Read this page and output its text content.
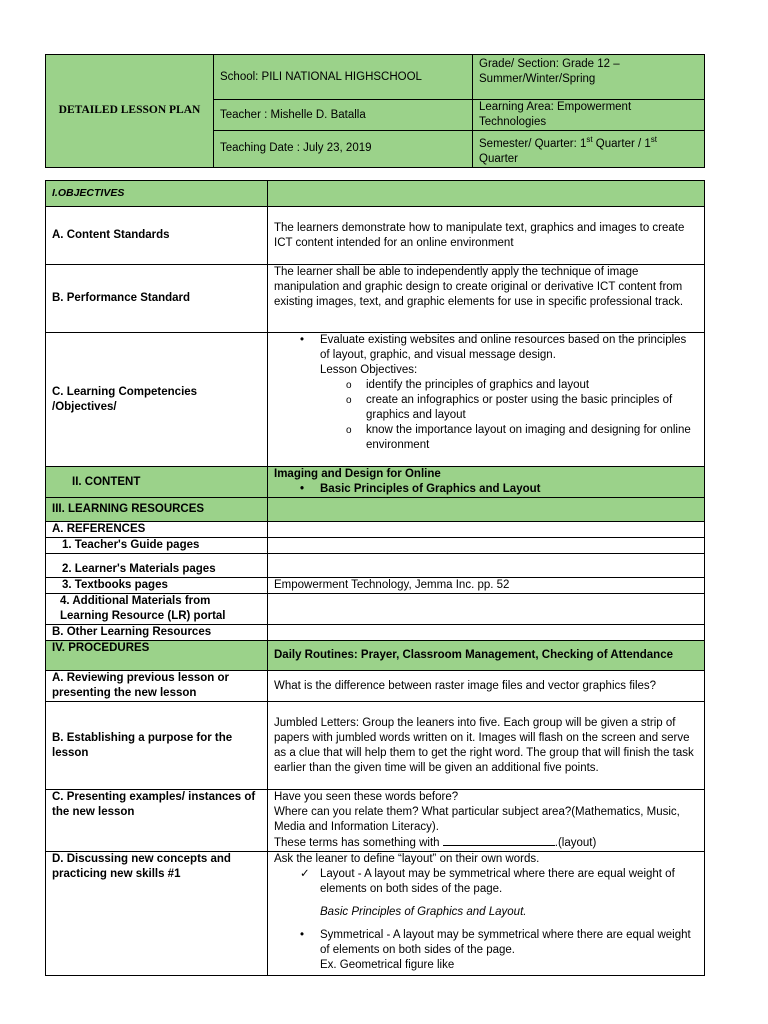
DETAILED LESSON PLAN	School: PILI NATIONAL HIGHSCHOOL	Grade/ Section: Grade 12 – Summer/Winter/Spring
	Teacher : Mishelle D. Batalla	Learning Area: Empowerment Technologies
	Teaching Date : July 23, 2019	Semester/ Quarter: 1st Quarter / 1st
Quarter
I.OBJECTIVES	
A. Content Standards	The learners demonstrate how to manipulate text, graphics and images to create ICT content intended for an online environment
B. Performance Standard	The learner shall be able to independently apply the technique of image manipulation and graphic design to create original or derivative ICT content from existing images, text, and graphic elements for use in specific professional track.
C. Learning Competencies /Objectives/	• Evaluate existing websites and online resources based on the principles of layout, graphic, and visual message design.
Lesson Objectives:
o identify the principles of graphics and layout
o create an infographics or poster using the basic principles of graphics and layout
o know the importance layout on imaging and designing for online environment

II. CONTENT	Imaging and Design for Online
• Basic Principles of Graphics and Layout

III. LEARNING RESOURCES	
A. REFERENCES	
1. Teacher's Guide pages	
2. Learner's Materials pages	
3. Textbooks pages	Empowerment Technology, Jemma Inc. pp. 52
4. Additional Materials from Learning Resource (LR) portal	
B. Other Learning Resources	
IV. PROCEDURES	Daily Routines: Prayer, Classroom Management, Checking of Attendance
A. Reviewing previous lesson or presenting the new lesson	What is the difference between raster image files and vector graphics files?
B. Establishing a purpose for the lesson	Jumbled Letters: Group the leaners into five. Each group will be given a strip of papers with jumbled words written on it. Images will flash on the screen and serve as a clue that will help them to get the right word. The group that will finish the task earlier than the given time will be given an additional five points.
C. Presenting examples/ instances of the new lesson	Have you seen these words before?
Where can you relate them? What particular subject area?(Mathematics, Music, Media and Information Literacy).
These terms has something with .(layout)

D. Discussing new concepts and practicing new skills #1	Ask the leaner to define “layout” on their own words.
✓ Layout - A layout may be symmetrical where there are equal weight of elements on both sides of the page.
Basic Principles of Graphics and Layout.
• Symmetrical - A layout may be symmetrical where there are equal weight of elements on both sides of the page.
Ex. Geometrical figure like
